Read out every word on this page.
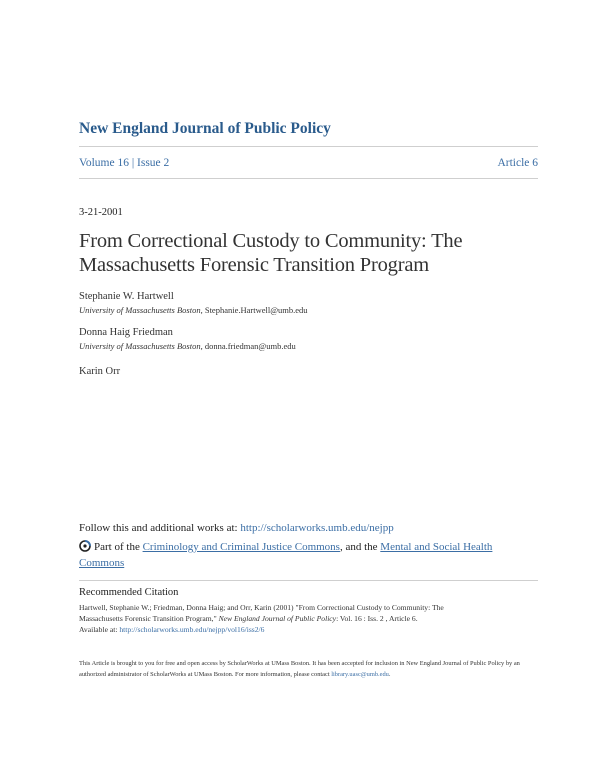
New England Journal of Public Policy
Volume 16 | Issue 2	Article 6
3-21-2001
From Correctional Custody to Community: The
Massachusetts Forensic Transition Program
Stephanie W. Hartwell
University of Massachusetts Boston, Stephanie.Hartwell@umb.edu
Donna Haig Friedman
University of Massachusetts Boston, donna.friedman@umb.edu
Karin Orr
Follow this and additional works at: http://scholarworks.umb.edu/nejpp
Part of the Criminology and Criminal Justice Commons, and the Mental and Social Health Commons
Recommended Citation
Hartwell, Stephanie W.; Friedman, Donna Haig; and Orr, Karin (2001) "From Correctional Custody to Community: The
Massachusetts Forensic Transition Program," New England Journal of Public Policy: Vol. 16 : Iss. 2 , Article 6.
Available at: http://scholarworks.umb.edu/nejpp/vol16/iss2/6
This Article is brought to you for free and open access by ScholarWorks at UMass Boston. It has been accepted for inclusion in New England Journal of Public Policy by an authorized administrator of ScholarWorks at UMass Boston. For more information, please contact library.uasc@umb.edu.
